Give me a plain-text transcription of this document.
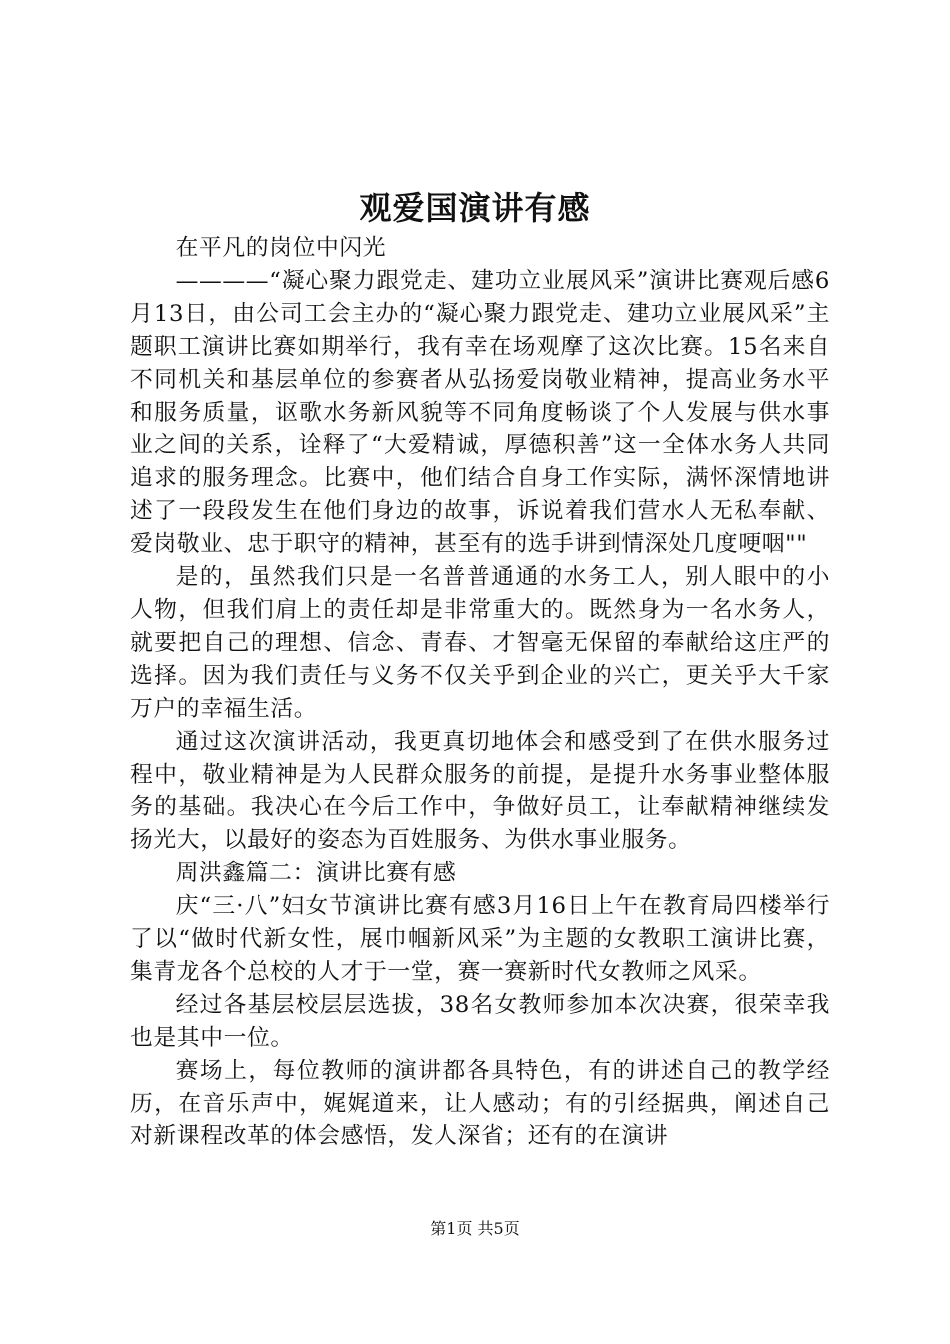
观爱国演讲有感

在平凡的岗位中闪光

————“凝心聚力跟党走、建功立业展风采”演讲比赛观后感6月13日，由公司工会主办的“凝心聚力跟党走、建功立业展风采”主题职工演讲比赛如期举行，我有幸在场观摩了这次比赛。15名来自不同机关和基层单位的参赛者从弘扬爱岗敬业精神，提高业务水平和服务质量，讴歌水务新风貌等不同角度畅谈了个人发展与供水事业之间的关系，诠释了“大爱精诚，厚德积善”这一全体水务人共同追求的服务理念。比赛中，他们结合自身工作实际，满怀深情地讲述了一段段发生在他们身边的故事，诉说着我们营水人无私奉献、爱岗敬业、忠于职守的精神，甚至有的选手讲到情深处几度哽咽""

是的，虽然我们只是一名普普通通的水务工人，别人眼中的小人物，但我们肩上的责任却是非常重大的。既然身为一名水务人，就要把自己的理想、信念、青春、才智毫无保留的奉献给这庄严的选择。因为我们责任与义务不仅关乎到企业的兴亡，更关乎大千家万户的幸福生活。

通过这次演讲活动，我更真切地体会和感受到了在供水服务过程中，敬业精神是为人民群众服务的前提，是提升水务事业整体服务的基础。我决心在今后工作中，争做好员工，让奉献精神继续发扬光大，以最好的姿态为百姓服务、为供水事业服务。

周洪鑫篇二：演讲比赛有感

庆“三·八”妇女节演讲比赛有感3月16日上午在教育局四楼举行了以“做时代新女性，展巾帼新风采”为主题的女教职工演讲比赛，集青龙各个总校的人才于一堂，赛一赛新时代女教师之风采。

经过各基层校层层选拔，38名女教师参加本次决赛，很荣幸我也是其中一位。

赛场上，每位教师的演讲都各具特色，有的讲述自己的教学经历，在音乐声中，娓娓道来，让人感动；有的引经据典，阐述自己对新课程改革的体会感悟，发人深省；还有的在演讲

第1页 共5页
